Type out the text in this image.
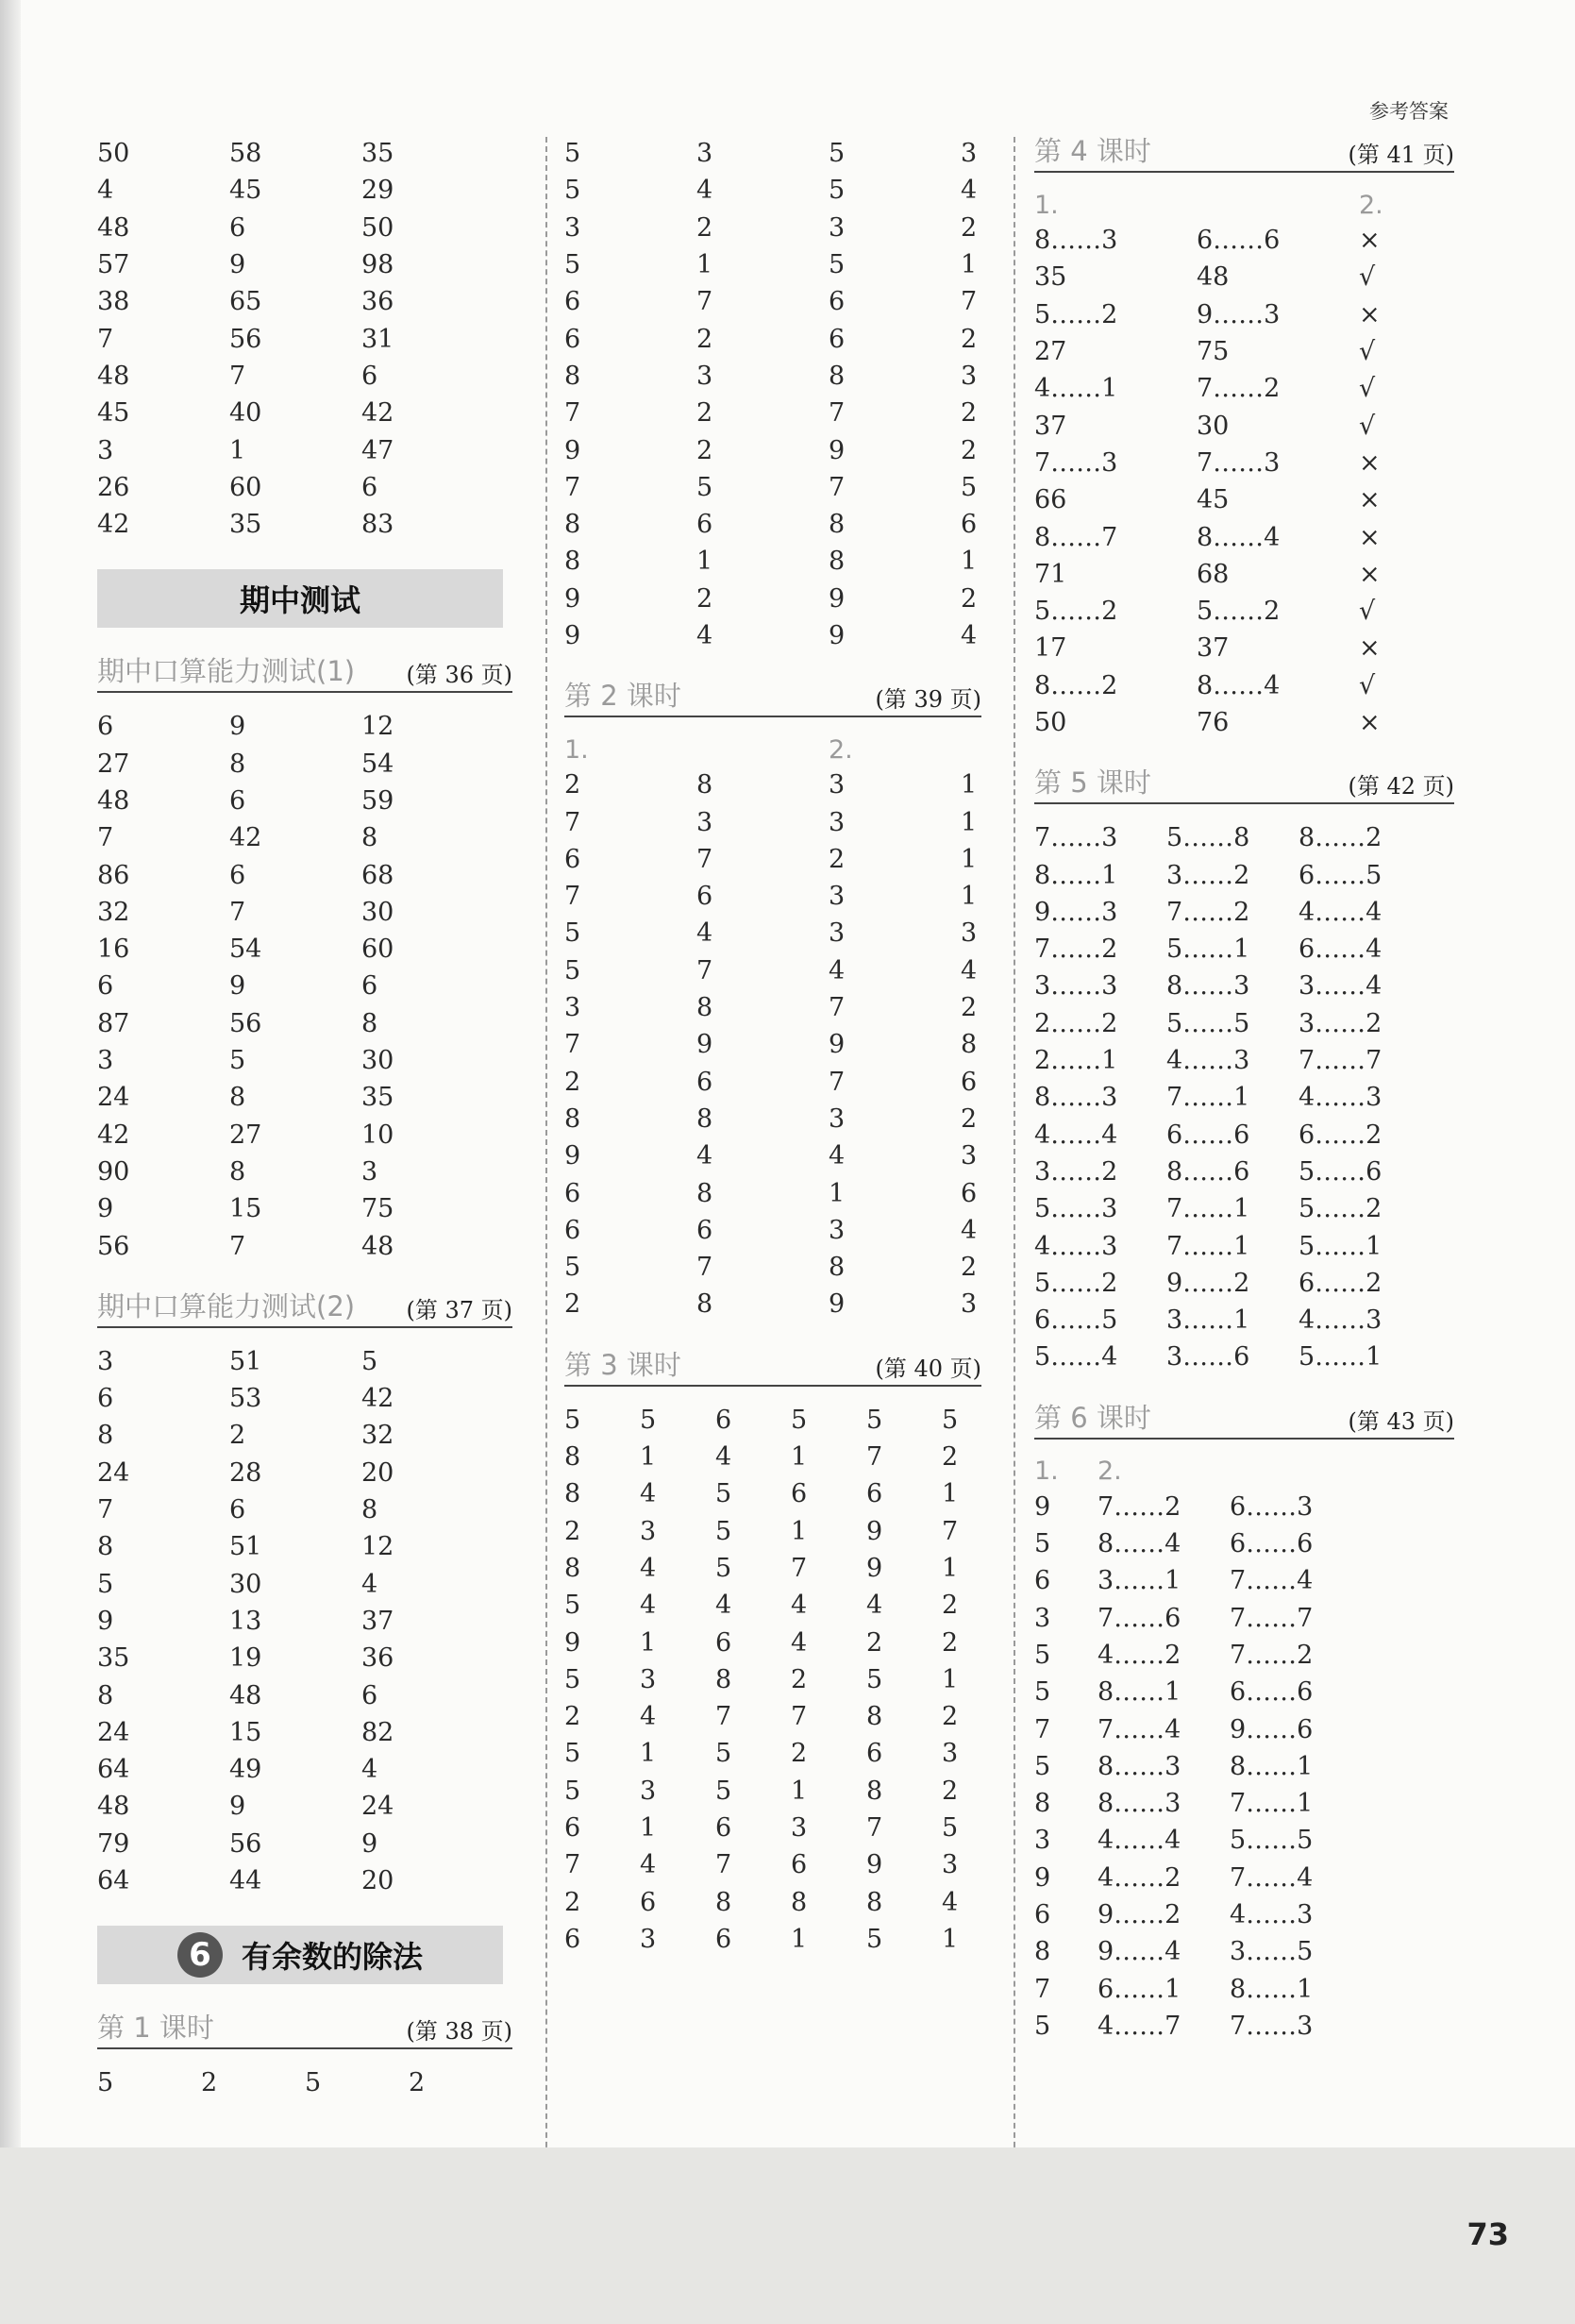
参考答案
50	58	35
4	45	29
48	6	50
57	9	98
38	65	36
7	56	31
48	7	6
45	40	42
3	1	47
26	60	6
42	35	83
期中测试
期中口算能力测试(1) (第 36 页)
6	9	12
27	8	54
48	6	59
7	42	8
86	6	68
32	7	30
16	54	60
6	9	6
87	56	8
3	5	30
24	8	35
42	27	10
90	8	3
9	15	75
56	7	48
期中口算能力测试(2) (第 37 页)
3	51	5
6	53	42
8	2	32
24	28	20
7	6	8
8	51	12
5	30	4
9	13	37
35	19	36
8	48	6
24	15	82
64	49	4
48	9	24
79	56	9
64	44	20
6	有余数的除法
第 1 课时	(第 38 页)
5	2	5	2
5	3	5	3
5	4	5	4
3	2	3	2
5	1	5	1
6	7	6	7
6	2	6	2
8	3	8	3
7	2	7	2
9	2	9	2
7	5	7	5
8	6	8	6
8	1	8	1
9	2	9	2
9	4	9	4
第 2 课时	(第 39 页)
1.	2.
2	8	3	1
7	3	3	1
6	7	2	1
7	6	3	1
5	4	3	3
5	7	4	4
3	8	7	2
7	9	9	8
2	6	7	6
8	8	3	2
9	4	4	3
6	8	1	6
6	6	3	4
5	7	8	2
2	8	9	3
第 3 课时	(第 40 页)
5	5	6	5	5	5
8	1	4	1	7	2
8	4	5	6	6	1
2	3	5	1	9	7
8	4	5	7	9	1
5	4	4	4	4	2
9	1	6	4	2	2
5	3	8	2	5	1
2	4	7	7	8	2
5	1	5	2	6	3
5	3	5	1	8	2
6	1	6	3	7	5
7	4	7	6	9	3
2	6	8	8	8	4
6	3	6	1	5	1
第 4 课时	(第 41 页)
1.	2.
8……3	6……6	×
35	48	√
5……2	9……3	×
27	75	√
4……1	7……2	√
37	30	√
7……3	7……3	×
66	45	×
8……7	8……4	×
71	68	×
5……2	5……2	√
17	37	×
8……2	8……4	√
50	76	×
第 5 课时	(第 42 页)
7……3	5……8	8……2
8……1	3……2	6……5
9……3	7……2	4……4
7……2	5……1	6……4
3……3	8……3	3……4
2……2	5……5	3……2
2……1	4……3	7……7
8……3	7……1	4……3
4……4	6……6	6……2
3……2	8……6	5……6
5……3	7……1	5……2
4……3	7……1	5……1
5……2	9……2	6……2
6……5	3……1	4……3
5……4	3……6	5……1
第 6 课时	(第 43 页)
1.	2.
9	7……2	6……3
5	8……4	6……6
6	3……1	7……4
3	7……6	7……7
5	4……2	7……2
5	8……1	6……6
7	7……4	9……6
5	8……3	8……1
8	8……3	7……1
3	4……4	5……5
9	4……2	7……4
6	9……2	4……3
8	9……4	3……5
7	6……1	8……1
5	4……7	7……3
73
